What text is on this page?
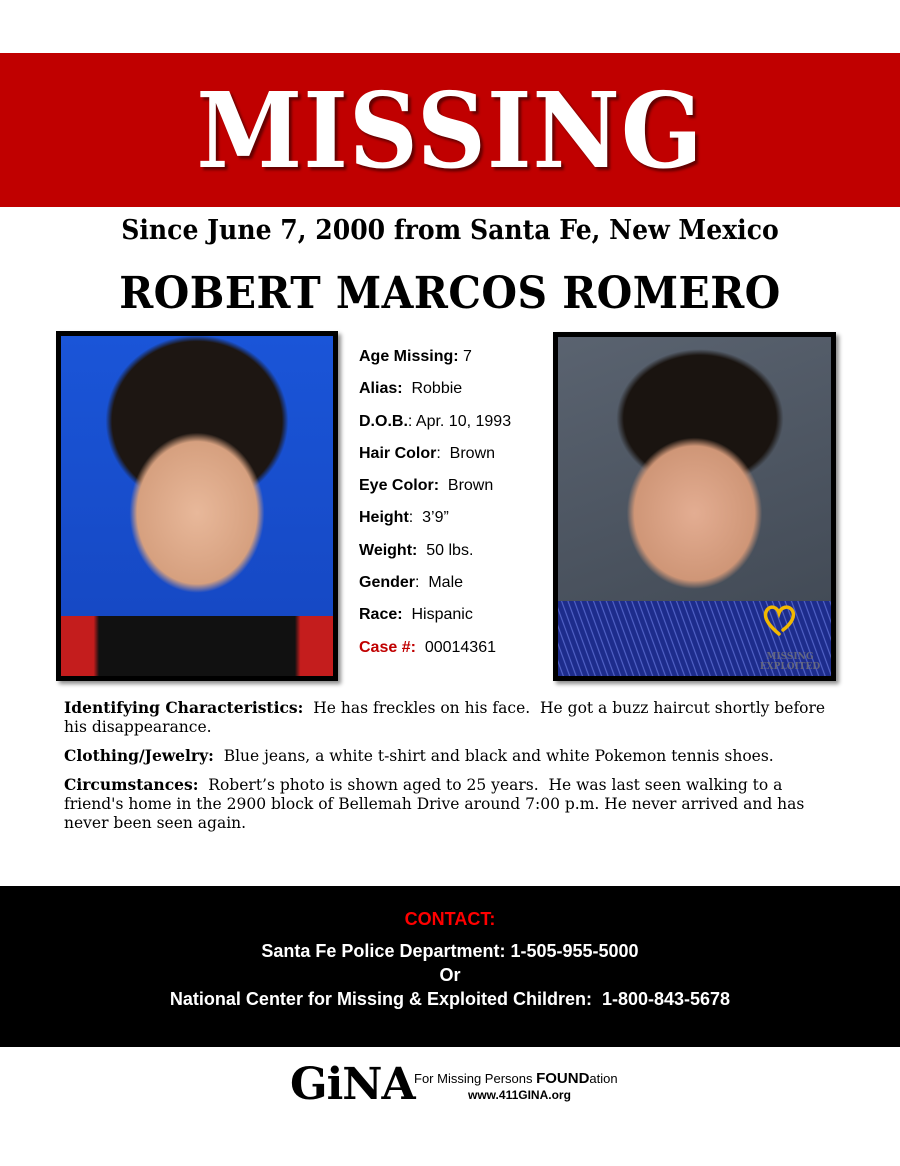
MISSING
Since June 7, 2000 from Santa Fe, New Mexico
ROBERT MARCOS ROMERO
Age Missing: 7
Alias:  Robbie
D.O.B.: Apr. 10, 1993
Hair Color:  Brown
Eye Color:  Brown
Height:  3’9”
Weight:  50 lbs.
Gender:  Male
Race:  Hispanic
Case #:  00014361
MISSING
EXPLOITED

Identifying Characteristics:  He has freckles on his face.  He got a buzz haircut shortly before his disappearance.

Clothing/Jewelry:  Blue jeans, a white t-shirt and black and white Pokemon tennis shoes.

Circumstances:  Robert’s photo is shown aged to 25 years.  He was last seen walking to a friend's home in the 2900 block of Bellemah Drive around 7:00 p.m. He never arrived and has never been seen again.

CONTACT:
Santa Fe Police Department: 1-505-955-5000
Or
National Center for Missing & Exploited Children:  1-800-843-5678
GiNA For Missing Persons FOUNDation
www.411GINA.org
